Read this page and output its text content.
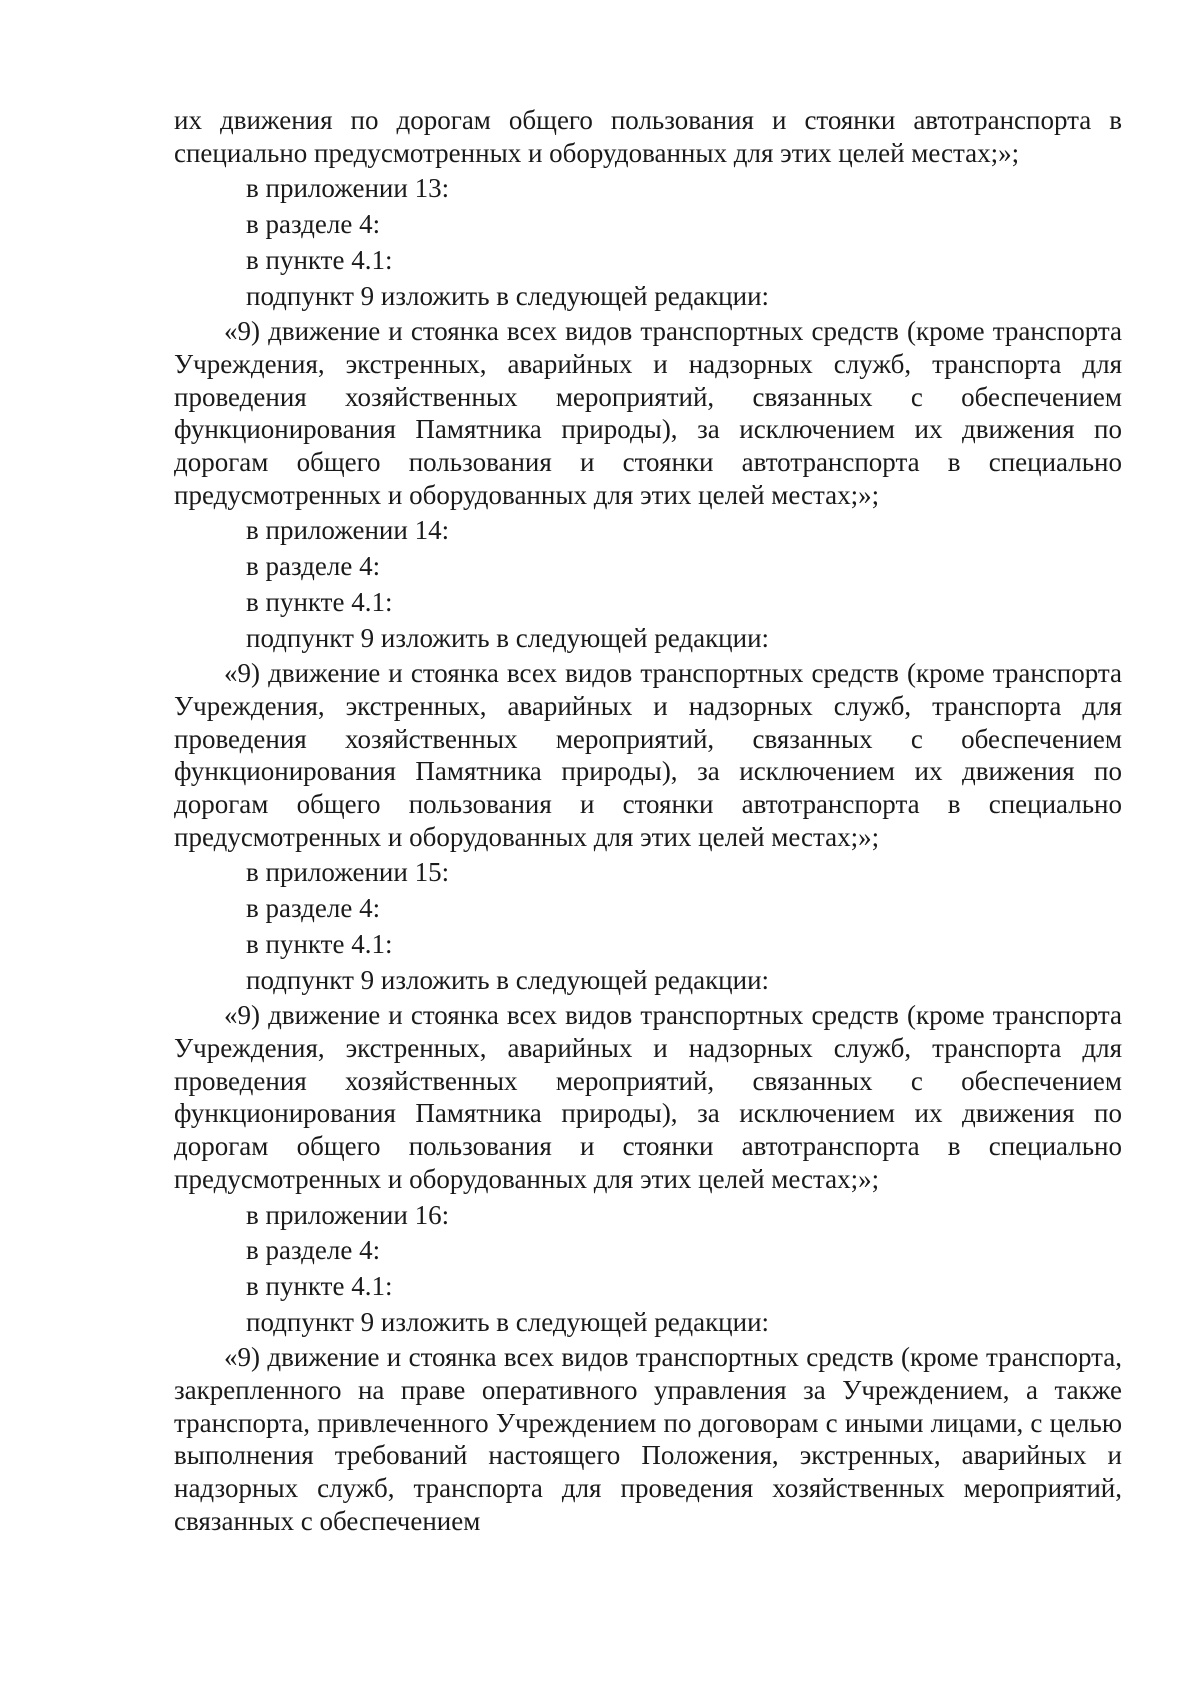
их движения по дорогам общего пользования и стоянки автотранспорта в специально предусмотренных и оборудованных для этих целей местах;»;

в приложении 13:

в разделе 4:

в пункте 4.1:

подпункт 9 изложить в следующей редакции:

«9) движение и стоянка всех видов транспортных средств (кроме транспорта Учреждения, экстренных, аварийных и надзорных служб, транспорта для проведения хозяйственных мероприятий, связанных с обеспечением функционирования Памятника природы), за исключением их движения по дорогам общего пользования и стоянки автотранспорта в специально предусмотренных и оборудованных для этих целей местах;»;

в приложении 14:

в разделе 4:

в пункте 4.1:

подпункт 9 изложить в следующей редакции:

«9) движение и стоянка всех видов транспортных средств (кроме транспорта Учреждения, экстренных, аварийных и надзорных служб, транспорта для проведения хозяйственных мероприятий, связанных с обеспечением функционирования Памятника природы), за исключением их движения по дорогам общего пользования и стоянки автотранспорта в специально предусмотренных и оборудованных для этих целей местах;»;

в приложении 15:

в разделе 4:

в пункте 4.1:

подпункт 9 изложить в следующей редакции:

«9) движение и стоянка всех видов транспортных средств (кроме транспорта Учреждения, экстренных, аварийных и надзорных служб, транспорта для проведения хозяйственных мероприятий, связанных с обеспечением функционирования Памятника природы), за исключением их движения по дорогам общего пользования и стоянки автотранспорта в специально предусмотренных и оборудованных для этих целей местах;»;

в приложении 16:

в разделе 4:

в пункте 4.1:

подпункт 9 изложить в следующей редакции:

«9) движение и стоянка всех видов транспортных средств (кроме транспорта, закрепленного на праве оперативного управления за Учреждением, а также транспорта, привлеченного Учреждением по договорам с иными лицами, с целью выполнения требований настоящего Положения, экстренных, аварийных и надзорных служб, транспорта для проведения хозяйственных мероприятий, связанных с обеспечением
